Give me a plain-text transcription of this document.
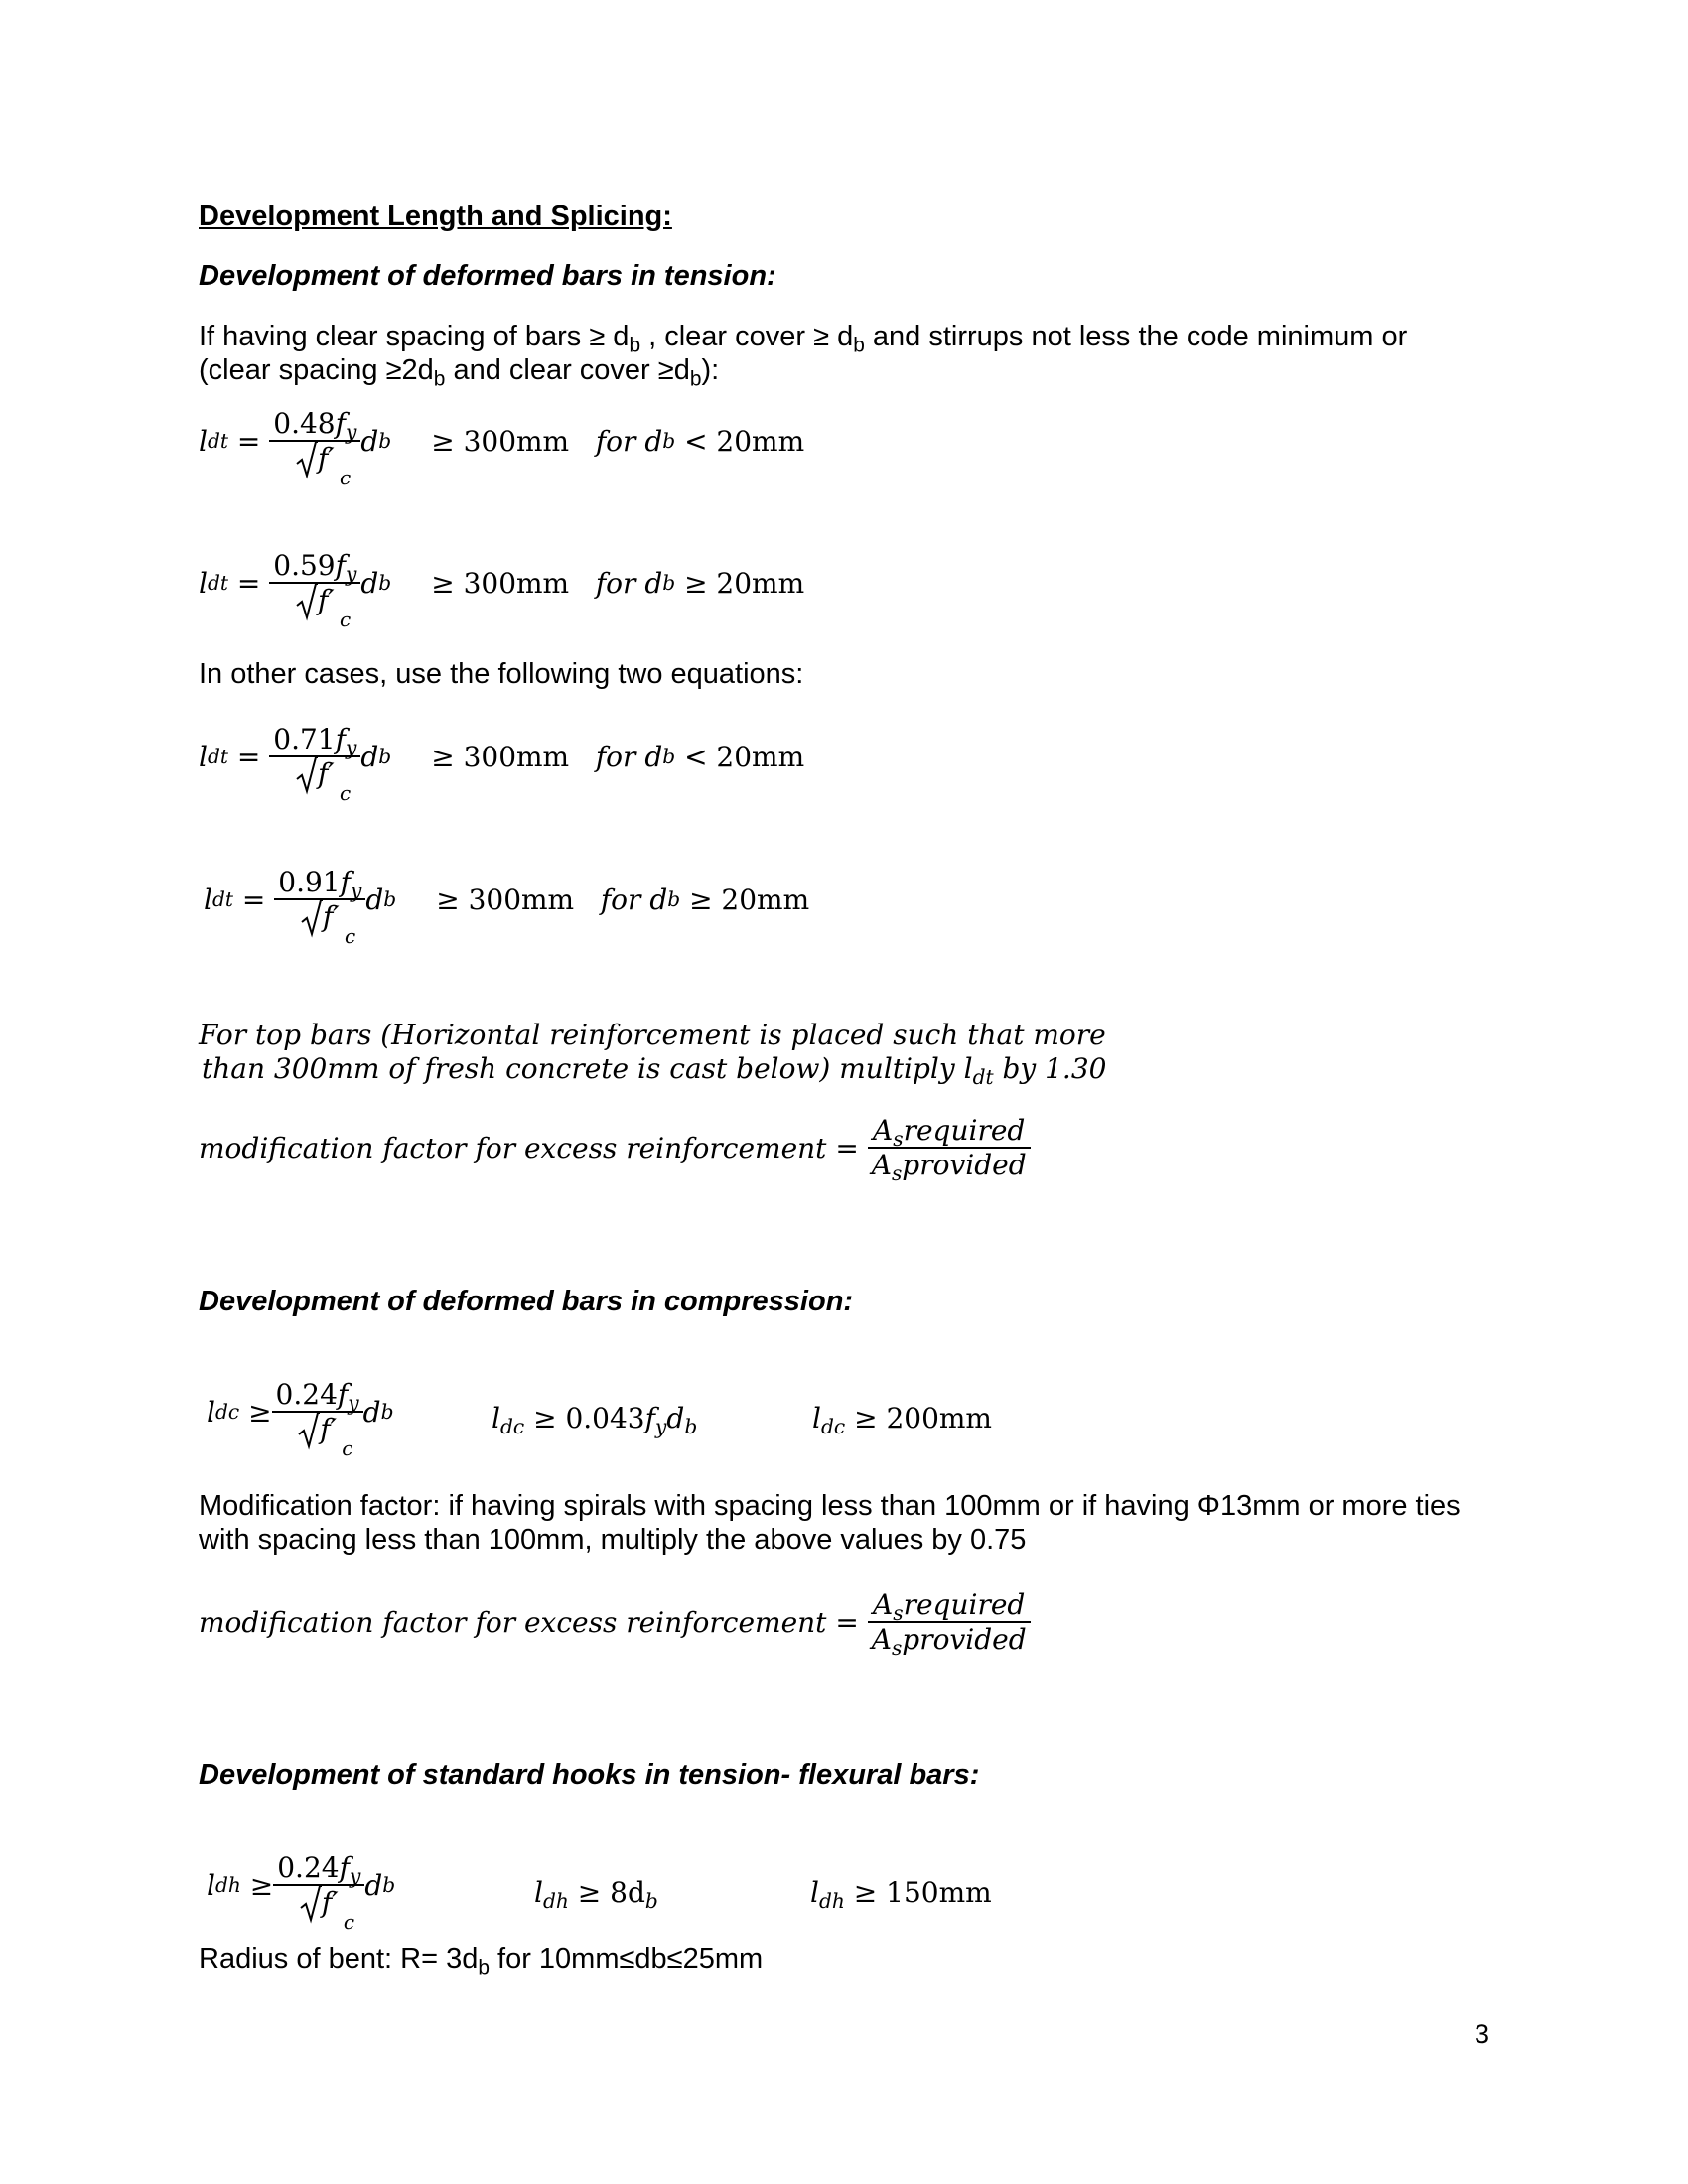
Development Length and Splicing:
Development of deformed bars in tension:
If having clear spacing of bars ≥ $d_b$ , clear cover ≥ $d_b$ and stirrups not less the code minimum or
(clear spacing $\ge 2d_b$ and clear cover $\ge d_b$):
l dt = $0.48f_y$
f′
c d b ≥ 300mm
for d b
< 20mm
l dt = $0.59f_y$
f′
c d b ≥ 300mm
for d b
≥ 20mm
In other cases, use the following two equations:
l dt = $0.71f_y$
f′
c d b ≥ 300mm
for d b
< 20mm
l dt = $0.91f_y$
f′
c d b ≥ 300mm
for d b
≥ 20mm
For top bars (Horizontal reinforcement is placed such that more
than 300mm of fresh concrete is cast below) multiply $l_{dt}$ by 1.30
modification factor for excess reinforcement =
$\frac{A_srequired}{A_sprovided}$
Development of deformed bars in compression:
l dc
≥ $0.24f_y$
f′
c d b	$l_{dc} \ge 0.043f_yd_b$	$l_{dc} \ge 200mm$
Modification factor: if having spirals with spacing less than 100mm or if having Φ13mm or more ties
with spacing less than 100mm, multiply the above values by 0.75
modification factor for excess reinforcement =
$\frac{A_srequired}{A_sprovided}$
Development of standard hooks in tension- flexural bars:
l dh
≥ $0.24f_y$
f′
c d b	$l_{dh} \ge 8d_b$	$l_{dh} \ge 150mm$
Radius of bent: $R= 3d_b$ for 10mm≤db≤25mm
3
